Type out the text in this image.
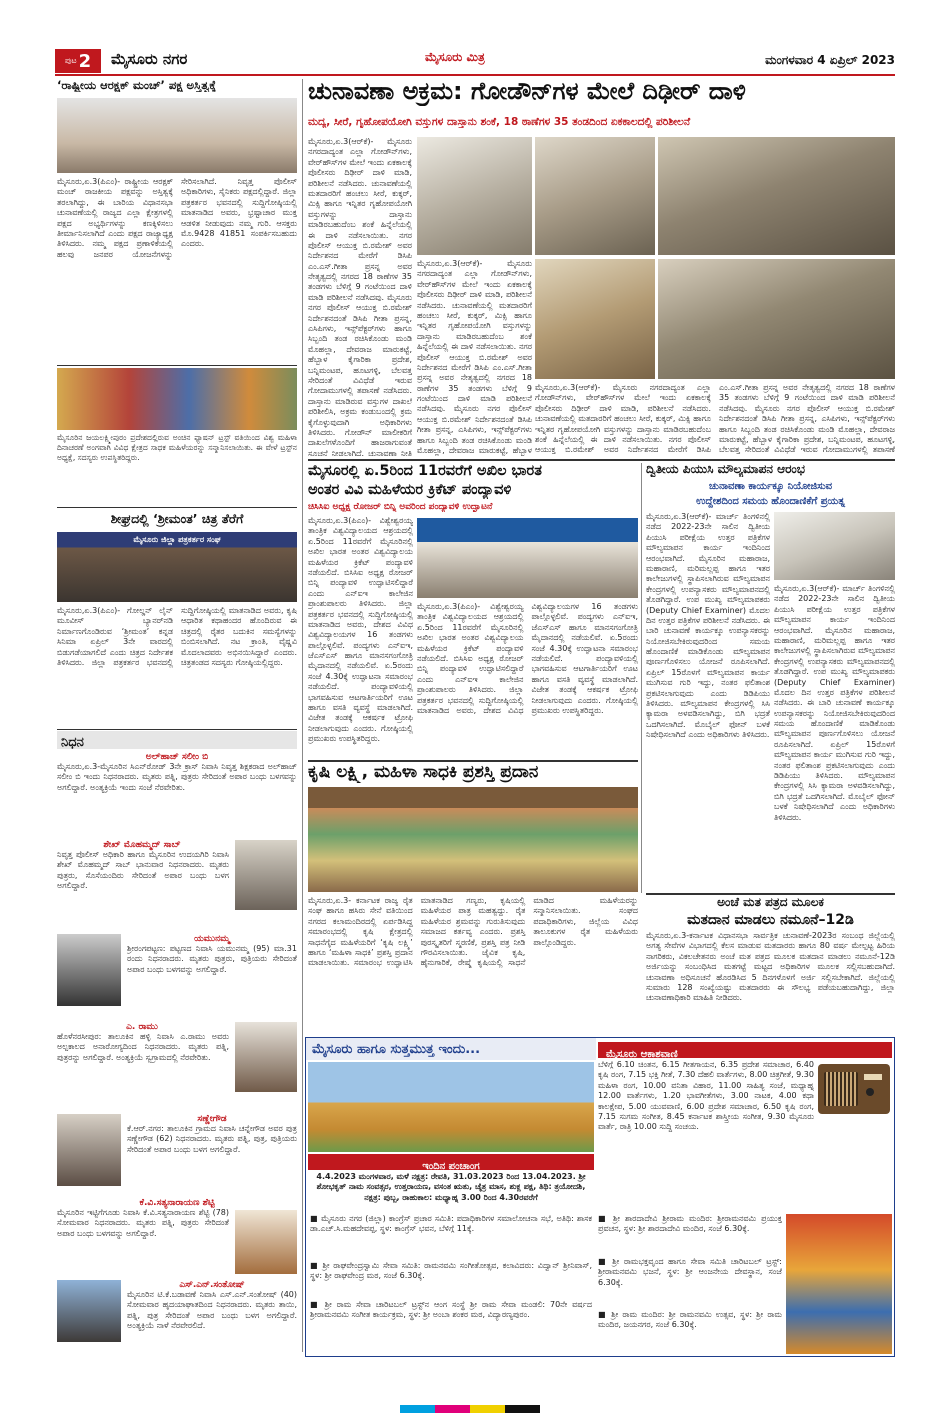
ಪುಟ 2 ಮೈಸೂರು ನಗರ	ಮೈಸೂರು ಮಿತ್ರ	ಮಂಗಳವಾರ 4 ಏಪ್ರಿಲ್ 2023
‘ರಾಷ್ಟ್ರೀಯ ಆರಕ್ಷಕ್ ಮಂಚ್’ ಪಕ್ಷ ಅಸ್ತಿತ್ವಕ್ಕೆ
ಮೈಸೂರು,ಏ.3(ಪಿಎಂ)- ರಾಷ್ಟ್ರೀಯ ಆರಕ್ಷಕ್ ಮಂಚ್ ರಾಜಕೀಯ ಪಕ್ಷವನ್ನು ಅಸ್ತಿತ್ವಕ್ಕೆ ತರಲಾಗಿದ್ದು, ಈ ಬಾರಿಯ ವಿಧಾನಸಭಾ ಚುನಾವಣೆಯಲ್ಲಿ ರಾಜ್ಯದ ಎಲ್ಲಾ ಕ್ಷೇತ್ರಗಳಲ್ಲಿ ಪಕ್ಷದ ಅಭ್ಯರ್ಥಿಗಳನ್ನು ಕಣಕ್ಕಿಳಿಸಲು ತೀರ್ಮಾನಿಸಲಾಗಿದೆ ಎಂದು ಪಕ್ಷದ ರಾಜ್ಯಾಧ್ಯಕ್ಷ ತಿಳಿಸಿದರು. ನಮ್ಮ ಪಕ್ಷದ ಪ್ರಣಾಳಿಕೆಯಲ್ಲಿ ಹಲವು ಜನಪರ ಯೋಜನೆಗಳನ್ನು ಸೇರಿಸಲಾಗಿದೆ. ನಿವೃತ್ತ ಪೊಲೀಸ್ ಅಧಿಕಾರಿಗಳು, ಸೈನಿಕರು ಪಕ್ಷದಲ್ಲಿದ್ದಾರೆ. ಜಿಲ್ಲಾ ಪತ್ರಕರ್ತರ ಭವನದಲ್ಲಿ ಸುದ್ದಿಗೋಷ್ಠಿಯಲ್ಲಿ ಮಾತನಾಡಿದ ಅವರು, ಭ್ರಷ್ಟಾಚಾರ ಮುಕ್ತ ಆಡಳಿತ ನೀಡುವುದು ನಮ್ಮ ಗುರಿ. ಆಸಕ್ತರು ಮೊ.9428 41851 ಸಂಪರ್ಕಿಸಬಹುದು ಎಂದರು.
ಮೈಸೂರಿನ ಜಯಲಕ್ಷ್ಮೀಪುರಂ ಪ್ರದೇಶದಲ್ಲಿರುವ ಅಂಚಿನ ಫ್ಯಾಷನ್ ಟ್ರಸ್ಟ್ ವತಿಯಿಂದ ವಿಶ್ವ ಮಹಿಳಾ ದಿನಾಚರಣೆ ಅಂಗವಾಗಿ ವಿವಿಧ ಕ್ಷೇತ್ರದ ಸಾಧಕ ಮಹಿಳೆಯರನ್ನು ಸನ್ಮಾನಿಸಲಾಯಿತು. ಈ ವೇಳೆ ಟ್ರಸ್ಟ್‌ನ ಅಧ್ಯಕ್ಷೆ, ಸದಸ್ಯರು ಉಪಸ್ಥಿತರಿದ್ದರು.
ಶೀಘ್ರದಲ್ಲಿ ‘ಶ್ರೀಮಂತ’ ಚಿತ್ರ ತೆರೆಗೆ
ಮೈಸೂರು ಜಿಲ್ಲಾ ಪತ್ರಕರ್ತರ ಸಂಘ
ಮೈಸೂರು,ಏ.3(ಪಿಎಂ)- ಗೋಲ್ಡನ್ ಲೈನ್ ಮೂವೀಸ್ ಬ್ಯಾನರ್‌ನಡಿ ನಿರ್ಮಾಣಗೊಂಡಿರುವ ‘ಶ್ರೀಮಂತ’ ಕನ್ನಡ ಸಿನಿಮಾ ಏಪ್ರಿಲ್ 3ನೇ ವಾರದಲ್ಲಿ ಬಿಡುಗಡೆಯಾಗಲಿದೆ ಎಂದು ಚಿತ್ರದ ನಿರ್ದೇಶಕ ತಿಳಿಸಿದರು. ಜಿಲ್ಲಾ ಪತ್ರಕರ್ತರ ಭವನದಲ್ಲಿ ಸುದ್ದಿಗೋಷ್ಠಿಯಲ್ಲಿ ಮಾತನಾಡಿದ ಅವರು, ಕೃಷಿ ಆಧಾರಿತ ಕಥಾಹಂದರ ಹೊಂದಿರುವ ಈ ಚಿತ್ರದಲ್ಲಿ ರೈತರ ಬದುಕಿನ ಸಮಸ್ಯೆಗಳನ್ನು ಬಿಂಬಿಸಲಾಗಿದೆ. ನಟ ಕ್ರಾಂತಿ, ವೈಷ್ಣವಿ ಮೊದಲಾದವರು ಅಭಿನಯಿಸಿದ್ದಾರೆ ಎಂದರು. ಚಿತ್ರತಂಡದ ಸದಸ್ಯರು ಗೋಷ್ಠಿಯಲ್ಲಿದ್ದರು.
ನಿಧನ
ಅಲ್‌ಹಾಜ್ ಸಲೀಂ ಬಿ
ಮೈಸೂರು,ಏ.3-ಮೈಸೂರಿನ ಸಿಎನ್‌ರೋಡ್ 3ನೇ ಕ್ರಾಸ್ ನಿವಾಸಿ ನಿವೃತ್ತ ಶಿಕ್ಷಕರಾದ ಅಲ್‌ಹಾಜ್ ಸಲೀಂ ಬಿ ಇಂದು ನಿಧನರಾದರು. ಮೃತರು ಪತ್ನಿ, ಪುತ್ರರು ಸೇರಿದಂತೆ ಅಪಾರ ಬಂಧು ಬಳಗವನ್ನು ಅಗಲಿದ್ದಾರೆ. ಅಂತ್ಯಕ್ರಿಯೆ ಇಂದು ಸಂಜೆ ನೆರವೇರಿತು.
ಶೇಖ್ ಮೊಹಮ್ಮದ್ ಸಾಬ್
ನಿವೃತ್ತ ಪೊಲೀಸ್ ಅಧಿಕಾರಿ ಹಾಗೂ ಮೈಸೂರಿನ ಉದಯಗಿರಿ ನಿವಾಸಿ ಶೇಖ್ ಮೊಹಮ್ಮದ್ ಸಾಬ್ ಭಾನುವಾರ ನಿಧನರಾದರು. ಮೃತರು ಪುತ್ರರು, ಸೊಸೆಯಂದಿರು ಸೇರಿದಂತೆ ಅಪಾರ ಬಂಧು ಬಳಗ ಅಗಲಿದ್ದಾರೆ.
ಯಮುನಮ್ಮ
ಶ್ರೀರಂಗಪಟ್ಟಣ: ಪಟ್ಟಣದ ನಿವಾಸಿ ಯಮುನಮ್ಮ (95) ಮಾ.31 ರಂದು ನಿಧನರಾದರು. ಮೃತರು ಪುತ್ರರು, ಪುತ್ರಿಯರು ಸೇರಿದಂತೆ ಅಪಾರ ಬಂಧು ಬಳಗವನ್ನು ಅಗಲಿದ್ದಾರೆ.
ಎ. ರಾಮು
ಹೊಳೆನರಸೀಪುರ: ತಾಲೂಕಿನ ಹಳ್ಳಿ ನಿವಾಸಿ ಎ.ರಾಮು ಅವರು ಅಲ್ಪಕಾಲದ ಅನಾರೋಗ್ಯದಿಂದ ನಿಧನರಾದರು. ಮೃತರು ಪತ್ನಿ, ಪುತ್ರರನ್ನು ಅಗಲಿದ್ದಾರೆ. ಅಂತ್ಯಕ್ರಿಯೆ ಸ್ವಗ್ರಾಮದಲ್ಲಿ ನೆರವೇರಿತು.
ಸಣ್ಣೇಗೌಡ
ಕೆ.ಆರ್.ನಗರ: ತಾಲೂಕಿನ ಗ್ರಾಮದ ನಿವಾಸಿ ಚನ್ನೇಗೌಡ ಅವರ ಪುತ್ರ ಸಣ್ಣೇಗೌಡ (62) ನಿಧನರಾದರು. ಮೃತರು ಪತ್ನಿ, ಪುತ್ರ, ಪುತ್ರಿಯರು ಸೇರಿದಂತೆ ಅಪಾರ ಬಂಧು ಬಳಗ ಅಗಲಿದ್ದಾರೆ.
ಕೆ.ವಿ.ಸತ್ಯನಾರಾಯಣ ಶೆಟ್ಟಿ
ಮೈಸೂರಿನ ಇಟ್ಟಿಗೆಗೂಡು ನಿವಾಸಿ ಕೆ.ವಿ.ಸತ್ಯನಾರಾಯಣ ಶೆಟ್ಟಿ (78) ಸೋಮವಾರ ನಿಧನರಾದರು. ಮೃತರು ಪತ್ನಿ, ಪುತ್ರರು ಸೇರಿದಂತೆ ಅಪಾರ ಬಂಧು ಬಳಗವನ್ನು ಅಗಲಿದ್ದಾರೆ.
ಎಸ್.ಎನ್.ಸಂತೋಷ್
ಮೈಸೂರಿನ ಟಿ.ಕೆ.ಬಡಾವಣೆ ನಿವಾಸಿ ಎಸ್.ಎನ್.ಸಂತೋಷ್ (40) ಸೋಮವಾರ ಹೃದಯಾಘಾತದಿಂದ ನಿಧನರಾದರು. ಮೃತರು ತಾಯಿ, ಪತ್ನಿ, ಪುತ್ರ ಸೇರಿದಂತೆ ಅಪಾರ ಬಂಧು ಬಳಗ ಅಗಲಿದ್ದಾರೆ. ಅಂತ್ಯಕ್ರಿಯೆ ನಾಳೆ ನೆರವೇರಲಿದೆ.
ಚುನಾವಣಾ ಅಕ್ರಮ: ಗೋಡೌನ್‌ಗಳ ಮೇಲೆ ದಿಢೀರ್ ದಾಳಿ
ಮದ್ಯ, ಸೀರೆ, ಗೃಹೋಪಯೋಗಿ ವಸ್ತುಗಳ ದಾಸ್ತಾನು ಶಂಕೆ, 18 ಠಾಣೆಗಳ 35 ತಂಡದಿಂದ ಏಕಕಾಲದಲ್ಲಿ ಪರಿಶೀಲನೆ
ಮೈಸೂರು,ಏ.3(ಆರ್‌ಕೆ)- ಮೈಸೂರು ನಗರದಾದ್ಯಂತ ಎಲ್ಲಾ ಗೋಡೌನ್‌ಗಳು, ವೇರ್‌ಹೌಸ್‌ಗಳ ಮೇಲೆ ಇಂದು ಏಕಕಾಲಕ್ಕೆ ಪೊಲೀಸರು ದಿಢೀರ್ ದಾಳಿ ಮಾಡಿ, ಪರಿಶೀಲನೆ ನಡೆಸಿದರು. ಚುನಾವಣೆಯಲ್ಲಿ ಮತದಾರರಿಗೆ ಹಂಚಲು ಸೀರೆ, ಕುಕ್ಕರ್, ಮಿಕ್ಸಿ ಹಾಗೂ ಇನ್ನಿತರ ಗೃಹೋಪಯೋಗಿ ವಸ್ತುಗಳನ್ನು ದಾಸ್ತಾನು ಮಾಡಿರಬಹುದೆಂಬ ಶಂಕೆ ಹಿನ್ನೆಲೆಯಲ್ಲಿ ಈ ದಾಳಿ ನಡೆಸಲಾಯಿತು. ನಗರ ಪೊಲೀಸ್ ಆಯುಕ್ತ ಬಿ.ರಮೇಶ್ ಅವರ ನಿರ್ದೇಶನದ ಮೇರೆಗೆ ಡಿಸಿಪಿ ಎಂ.ಎಸ್.ಗೀತಾ ಪ್ರಸನ್ನ ಅವರ ನೇತೃತ್ವದಲ್ಲಿ ನಗರದ 18 ಠಾಣೆಗಳ 35 ತಂಡಗಳು ಬೆಳಿಗ್ಗೆ 9 ಗಂಟೆಯಿಂದ ದಾಳಿ ಮಾಡಿ ಪರಿಶೀಲನೆ ನಡೆಸಿದವು. ಮೈಸೂರು ನಗರ ಪೊಲೀಸ್ ಆಯುಕ್ತ ಬಿ.ರಮೇಶ್ ನಿರ್ದೇಶನದಂತೆ ಡಿಸಿಪಿ ಗೀತಾ ಪ್ರಸನ್ನ, ಎಸಿಪಿಗಳು, ಇನ್ಸ್‌ಪೆಕ್ಟರ್‌ಗಳು ಹಾಗೂ ಸಿಬ್ಬಂದಿ ತಂಡ ರಚಿಸಿಕೊಂಡು ಮಂಡಿ ಮೊಹಲ್ಲಾ, ದೇವರಾಜ ಮಾರುಕಟ್ಟೆ, ಹೆಬ್ಬಾಳ ಕೈಗಾರಿಕಾ ಪ್ರದೇಶ, ಬನ್ನಿಮಂಟಪ, ಹೂಟಗಳ್ಳಿ, ಬೆಲವತ್ತ ಸೇರಿದಂತೆ ವಿವಿಧೆಡೆ ಇರುವ ಗೋದಾಮುಗಳಲ್ಲಿ ತಪಾಸಣೆ ನಡೆಸಿದರು. ದಾಸ್ತಾನು ಮಾಡಿರುವ ವಸ್ತುಗಳ ದಾಖಲೆ ಪರಿಶೀಲಿಸಿ, ಅಕ್ರಮ ಕಂಡುಬಂದಲ್ಲಿ ಕ್ರಮ ಕೈಗೊಳ್ಳುವುದಾಗಿ ಅಧಿಕಾರಿಗಳು ತಿಳಿಸಿದರು. ಗೋಡೌನ್ ಮಾಲೀಕರಿಗೆ ದಾಖಲೆಗಳೊಂದಿಗೆ ಹಾಜರಾಗುವಂತೆ ಸೂಚನೆ ನೀಡಲಾಗಿದೆ. ಚುನಾವಣಾ ನೀತಿ
ಮೈಸೂರು,ಏ.3(ಆರ್‌ಕೆ)- ಮೈಸೂರು ನಗರದಾದ್ಯಂತ ಎಲ್ಲಾ ಗೋಡೌನ್‌ಗಳು, ವೇರ್‌ಹೌಸ್‌ಗಳ ಮೇಲೆ ಇಂದು ಏಕಕಾಲಕ್ಕೆ ಪೊಲೀಸರು ದಿಢೀರ್ ದಾಳಿ ಮಾಡಿ, ಪರಿಶೀಲನೆ ನಡೆಸಿದರು. ಚುನಾವಣೆಯಲ್ಲಿ ಮತದಾರರಿಗೆ ಹಂಚಲು ಸೀರೆ, ಕುಕ್ಕರ್, ಮಿಕ್ಸಿ ಹಾಗೂ ಇನ್ನಿತರ ಗೃಹೋಪಯೋಗಿ ವಸ್ತುಗಳನ್ನು ದಾಸ್ತಾನು ಮಾಡಿರಬಹುದೆಂಬ ಶಂಕೆ ಹಿನ್ನೆಲೆಯಲ್ಲಿ ಈ ದಾಳಿ ನಡೆಸಲಾಯಿತು. ನಗರ ಪೊಲೀಸ್ ಆಯುಕ್ತ ಬಿ.ರಮೇಶ್ ಅವರ ನಿರ್ದೇಶನದ ಮೇರೆಗೆ ಡಿಸಿಪಿ ಎಂ.ಎಸ್.ಗೀತಾ ಪ್ರಸನ್ನ ಅವರ ನೇತೃತ್ವದಲ್ಲಿ ನಗರದ 18 ಠಾಣೆಗಳ 35 ತಂಡಗಳು ಬೆಳಿಗ್ಗೆ 9 ಗಂಟೆಯಿಂದ ದಾಳಿ ಮಾಡಿ ಪರಿಶೀಲನೆ ನಡೆಸಿದವು. ಮೈಸೂರು ನಗರ ಪೊಲೀಸ್ ಆಯುಕ್ತ ಬಿ.ರಮೇಶ್ ನಿರ್ದೇಶನದಂತೆ ಡಿಸಿಪಿ ಗೀತಾ ಪ್ರಸನ್ನ, ಎಸಿಪಿಗಳು, ಇನ್ಸ್‌ಪೆಕ್ಟರ್‌ಗಳು ಹಾಗೂ ಸಿಬ್ಬಂದಿ ತಂಡ ರಚಿಸಿಕೊಂಡು ಮಂಡಿ ಮೊಹಲ್ಲಾ, ದೇವರಾಜ ಮಾರುಕಟ್ಟೆ, ಹೆಬ್ಬಾಳ
ಮೈಸೂರು,ಏ.3(ಆರ್‌ಕೆ)- ಮೈಸೂರು ನಗರದಾದ್ಯಂತ ಎಲ್ಲಾ ಗೋಡೌನ್‌ಗಳು, ವೇರ್‌ಹೌಸ್‌ಗಳ ಮೇಲೆ ಇಂದು ಏಕಕಾಲಕ್ಕೆ ಪೊಲೀಸರು ದಿಢೀರ್ ದಾಳಿ ಮಾಡಿ, ಪರಿಶೀಲನೆ ನಡೆಸಿದರು. ಚುನಾವಣೆಯಲ್ಲಿ ಮತದಾರರಿಗೆ ಹಂಚಲು ಸೀರೆ, ಕುಕ್ಕರ್, ಮಿಕ್ಸಿ ಹಾಗೂ ಇನ್ನಿತರ ಗೃಹೋಪಯೋಗಿ ವಸ್ತುಗಳನ್ನು ದಾಸ್ತಾನು ಮಾಡಿರಬಹುದೆಂಬ ಶಂಕೆ ಹಿನ್ನೆಲೆಯಲ್ಲಿ ಈ ದಾಳಿ ನಡೆಸಲಾಯಿತು. ನಗರ ಪೊಲೀಸ್ ಆಯುಕ್ತ ಬಿ.ರಮೇಶ್ ಅವರ ನಿರ್ದೇಶನದ ಮೇರೆಗೆ ಡಿಸಿಪಿ ಎಂ.ಎಸ್.ಗೀತಾ ಪ್ರಸನ್ನ ಅವರ ನೇತೃತ್ವದಲ್ಲಿ ನಗರದ 18 ಠಾಣೆಗಳ 35 ತಂಡಗಳು ಬೆಳಿಗ್ಗೆ 9 ಗಂಟೆಯಿಂದ ದಾಳಿ ಮಾಡಿ ಪರಿಶೀಲನೆ ನಡೆಸಿದವು. ಮೈಸೂರು ನಗರ ಪೊಲೀಸ್ ಆಯುಕ್ತ ಬಿ.ರಮೇಶ್ ನಿರ್ದೇಶನದಂತೆ ಡಿಸಿಪಿ ಗೀತಾ ಪ್ರಸನ್ನ, ಎಸಿಪಿಗಳು, ಇನ್ಸ್‌ಪೆಕ್ಟರ್‌ಗಳು ಹಾಗೂ ಸಿಬ್ಬಂದಿ ತಂಡ ರಚಿಸಿಕೊಂಡು ಮಂಡಿ ಮೊಹಲ್ಲಾ, ದೇವರಾಜ ಮಾರುಕಟ್ಟೆ, ಹೆಬ್ಬಾಳ ಕೈಗಾರಿಕಾ ಪ್ರದೇಶ, ಬನ್ನಿಮಂಟಪ, ಹೂಟಗಳ್ಳಿ, ಬೆಲವತ್ತ ಸೇರಿದಂತೆ ವಿವಿಧೆಡೆ ಇರುವ ಗೋದಾಮುಗಳಲ್ಲಿ ತಪಾಸಣೆ
ಮೈಸೂರಲ್ಲಿ ಏ.5ರಿಂದ 11ರವರೆಗೆ ಅಖಿಲ ಭಾರತ
ಅಂತರ ವಿವಿ ಮಹಿಳೆಯರ ಕ್ರಿಕೆಟ್ ಪಂದ್ಯಾವಳಿ
ಚಿಸಿಸಿಐ ಅಧ್ಯಕ್ಷ ರೋಜರ್ ಬಿನ್ನಿ ಅವರಿಂದ ಪಂದ್ಯಾವಳಿ ಉದ್ಘಾಟನೆ
ಮೈಸೂರು,ಏ.3(ಪಿಎಂ)- ವಿಶ್ವೇಶ್ವರಯ್ಯ ತಾಂತ್ರಿಕ ವಿಶ್ವವಿದ್ಯಾಲಯದ ಆಶ್ರಯದಲ್ಲಿ ಏ.5ರಿಂದ 11ರವರೆಗೆ ಮೈಸೂರಿನಲ್ಲಿ ಅಖಿಲ ಭಾರತ ಅಂತರ ವಿಶ್ವವಿದ್ಯಾಲಯ ಮಹಿಳೆಯರ ಕ್ರಿಕೆಟ್ ಪಂದ್ಯಾವಳಿ ನಡೆಯಲಿದೆ. ಬಿಸಿಸಿಐ ಅಧ್ಯಕ್ಷ ರೋಜರ್ ಬಿನ್ನಿ ಪಂದ್ಯಾವಳಿ ಉದ್ಘಾಟಿಸಲಿದ್ದಾರೆ ಎಂದು ಎನ್‌ಐಇ ಕಾಲೇಜಿನ ಪ್ರಾಂಶುಪಾಲರು ತಿಳಿಸಿದರು. ಜಿಲ್ಲಾ ಪತ್ರಕರ್ತರ ಭವನದಲ್ಲಿ ಸುದ್ದಿಗೋಷ್ಠಿಯಲ್ಲಿ ಮಾತನಾಡಿದ ಅವರು, ದೇಶದ ವಿವಿಧ ವಿಶ್ವವಿದ್ಯಾಲಯಗಳ 16 ತಂಡಗಳು ಪಾಲ್ಗೊಳ್ಳಲಿವೆ. ಪಂದ್ಯಗಳು ಎನ್‌ಐಇ, ಜೆಎಸ್‌ಎಸ್ ಹಾಗೂ ಮಾನಸಗಂಗೋತ್ರಿ ಮೈದಾನದಲ್ಲಿ ನಡೆಯಲಿವೆ. ಏ.5ರಂದು ಸಂಜೆ 4.30ಕ್ಕೆ ಉದ್ಘಾಟನಾ ಸಮಾರಂಭ ನಡೆಯಲಿದೆ. ಪಂದ್ಯಾವಳಿಯಲ್ಲಿ ಭಾಗವಹಿಸುವ ಆಟಗಾರ್ತಿಯರಿಗೆ ಊಟ ಹಾಗೂ ವಸತಿ ವ್ಯವಸ್ಥೆ ಮಾಡಲಾಗಿದೆ. ವಿಜೇತ ತಂಡಕ್ಕೆ ಆಕರ್ಷಕ ಟ್ರೋಫಿ ನೀಡಲಾಗುವುದು ಎಂದರು. ಗೋಷ್ಠಿಯಲ್ಲಿ ಪ್ರಮುಖರು ಉಪಸ್ಥಿತರಿದ್ದರು.
ಮೈಸೂರು,ಏ.3(ಪಿಎಂ)- ವಿಶ್ವೇಶ್ವರಯ್ಯ ತಾಂತ್ರಿಕ ವಿಶ್ವವಿದ್ಯಾಲಯದ ಆಶ್ರಯದಲ್ಲಿ ಏ.5ರಿಂದ 11ರವರೆಗೆ ಮೈಸೂರಿನಲ್ಲಿ ಅಖಿಲ ಭಾರತ ಅಂತರ ವಿಶ್ವವಿದ್ಯಾಲಯ ಮಹಿಳೆಯರ ಕ್ರಿಕೆಟ್ ಪಂದ್ಯಾವಳಿ ನಡೆಯಲಿದೆ. ಬಿಸಿಸಿಐ ಅಧ್ಯಕ್ಷ ರೋಜರ್ ಬಿನ್ನಿ ಪಂದ್ಯಾವಳಿ ಉದ್ಘಾಟಿಸಲಿದ್ದಾರೆ ಎಂದು ಎನ್‌ಐಇ ಕಾಲೇಜಿನ ಪ್ರಾಂಶುಪಾಲರು ತಿಳಿಸಿದರು. ಜಿಲ್ಲಾ ಪತ್ರಕರ್ತರ ಭವನದಲ್ಲಿ ಸುದ್ದಿಗೋಷ್ಠಿಯಲ್ಲಿ ಮಾತನಾಡಿದ ಅವರು, ದೇಶದ ವಿವಿಧ ವಿಶ್ವವಿದ್ಯಾಲಯಗಳ 16 ತಂಡಗಳು ಪಾಲ್ಗೊಳ್ಳಲಿವೆ. ಪಂದ್ಯಗಳು ಎನ್‌ಐಇ, ಜೆಎಸ್‌ಎಸ್ ಹಾಗೂ ಮಾನಸಗಂಗೋತ್ರಿ ಮೈದಾನದಲ್ಲಿ ನಡೆಯಲಿವೆ. ಏ.5ರಂದು ಸಂಜೆ 4.30ಕ್ಕೆ ಉದ್ಘಾಟನಾ ಸಮಾರಂಭ ನಡೆಯಲಿದೆ. ಪಂದ್ಯಾವಳಿಯಲ್ಲಿ ಭಾಗವಹಿಸುವ ಆಟಗಾರ್ತಿಯರಿಗೆ ಊಟ ಹಾಗೂ ವಸತಿ ವ್ಯವಸ್ಥೆ ಮಾಡಲಾಗಿದೆ. ವಿಜೇತ ತಂಡಕ್ಕೆ ಆಕರ್ಷಕ ಟ್ರೋಫಿ ನೀಡಲಾಗುವುದು ಎಂದರು. ಗೋಷ್ಠಿಯಲ್ಲಿ ಪ್ರಮುಖರು ಉಪಸ್ಥಿತರಿದ್ದರು.
ದ್ವಿತೀಯ ಪಿಯುಸಿ ಮೌಲ್ಯಮಾಪನ ಆರಂಭ
ಚುನಾವಣಾ ಕಾರ್ಯಕ್ಕೂ ನಿಯೋಜಿಸುವ
ಉದ್ದೇಶದಿಂದ ಸಮಯ ಹೊಂದಾಣಿಕೆಗೆ ಪ್ರಯತ್ನ
ಮೈಸೂರು,ಏ.3(ಆರ್‌ಕೆ)- ಮಾರ್ಚ್ ತಿಂಗಳಿನಲ್ಲಿ ನಡೆದ 2022-23ನೇ ಸಾಲಿನ ದ್ವಿತೀಯ ಪಿಯುಸಿ ಪರೀಕ್ಷೆಯ ಉತ್ತರ ಪತ್ರಿಕೆಗಳ ಮೌಲ್ಯಮಾಪನ ಕಾರ್ಯ ಇಂದಿನಿಂದ ಆರಂಭವಾಗಿದೆ. ಮೈಸೂರಿನ ಮಹಾರಾಜ, ಮಹಾರಾಣಿ, ಮರಿಮಲ್ಲಪ್ಪ ಹಾಗೂ ಇತರ ಕಾಲೇಜುಗಳಲ್ಲಿ ಸ್ಥಾಪಿಸಲಾಗಿರುವ ಮೌಲ್ಯಮಾಪನ ಕೇಂದ್ರಗಳಲ್ಲಿ ಉಪನ್ಯಾಸಕರು ಮೌಲ್ಯಮಾಪನದಲ್ಲಿ ತೊಡಗಿದ್ದಾರೆ. ಉಪ ಮುಖ್ಯ ಮೌಲ್ಯಮಾಪಕರು (Deputy Chief Examiner) ಮೊದಲ ದಿನ ಉತ್ತರ ಪತ್ರಿಕೆಗಳ ಪರಿಶೀಲನೆ ನಡೆಸಿದರು. ಈ ಬಾರಿ ಚುನಾವಣೆ ಕಾರ್ಯಕ್ಕೂ ಉಪನ್ಯಾಸಕರನ್ನು ನಿಯೋಜಿಸಬೇಕಿರುವುದರಿಂದ ಸಮಯ ಹೊಂದಾಣಿಕೆ ಮಾಡಿಕೊಂಡು ಮೌಲ್ಯಮಾಪನ ಪೂರ್ಣಗೊಳಿಸಲು ಯೋಜನೆ ರೂಪಿಸಲಾಗಿದೆ. ಏಪ್ರಿಲ್ 15ರೊಳಗೆ ಮೌಲ್ಯಮಾಪನ ಕಾರ್ಯ ಮುಗಿಸುವ ಗುರಿ ಇದ್ದು, ನಂತರ ಫಲಿತಾಂಶ ಪ್ರಕಟಿಸಲಾಗುವುದು ಎಂದು ಡಿಡಿಪಿಯು ತಿಳಿಸಿದರು. ಮೌಲ್ಯಮಾಪನ ಕೇಂದ್ರಗಳಲ್ಲಿ ಸಿಸಿ ಕ್ಯಾಮರಾ ಅಳವಡಿಸಲಾಗಿದ್ದು, ಬಿಗಿ ಭದ್ರತೆ ಒದಗಿಸಲಾಗಿದೆ. ಮೊಬೈಲ್ ಫೋನ್ ಬಳಕೆ ನಿಷೇಧಿಸಲಾಗಿದೆ ಎಂದು ಅಧಿಕಾರಿಗಳು ತಿಳಿಸಿದರು.
ಮೈಸೂರು,ಏ.3(ಆರ್‌ಕೆ)- ಮಾರ್ಚ್ ತಿಂಗಳಿನಲ್ಲಿ ನಡೆದ 2022-23ನೇ ಸಾಲಿನ ದ್ವಿತೀಯ ಪಿಯುಸಿ ಪರೀಕ್ಷೆಯ ಉತ್ತರ ಪತ್ರಿಕೆಗಳ ಮೌಲ್ಯಮಾಪನ ಕಾರ್ಯ ಇಂದಿನಿಂದ ಆರಂಭವಾಗಿದೆ. ಮೈಸೂರಿನ ಮಹಾರಾಜ, ಮಹಾರಾಣಿ, ಮರಿಮಲ್ಲಪ್ಪ ಹಾಗೂ ಇತರ ಕಾಲೇಜುಗಳಲ್ಲಿ ಸ್ಥಾಪಿಸಲಾಗಿರುವ ಮೌಲ್ಯಮಾಪನ ಕೇಂದ್ರಗಳಲ್ಲಿ ಉಪನ್ಯಾಸಕರು ಮೌಲ್ಯಮಾಪನದಲ್ಲಿ ತೊಡಗಿದ್ದಾರೆ. ಉಪ ಮುಖ್ಯ ಮೌಲ್ಯಮಾಪಕರು (Deputy Chief Examiner) ಮೊದಲ ದಿನ ಉತ್ತರ ಪತ್ರಿಕೆಗಳ ಪರಿಶೀಲನೆ ನಡೆಸಿದರು. ಈ ಬಾರಿ ಚುನಾವಣೆ ಕಾರ್ಯಕ್ಕೂ ಉಪನ್ಯಾಸಕರನ್ನು ನಿಯೋಜಿಸಬೇಕಿರುವುದರಿಂದ ಸಮಯ ಹೊಂದಾಣಿಕೆ ಮಾಡಿಕೊಂಡು ಮೌಲ್ಯಮಾಪನ ಪೂರ್ಣಗೊಳಿಸಲು ಯೋಜನೆ ರೂಪಿಸಲಾಗಿದೆ. ಏಪ್ರಿಲ್ 15ರೊಳಗೆ ಮೌಲ್ಯಮಾಪನ ಕಾರ್ಯ ಮುಗಿಸುವ ಗುರಿ ಇದ್ದು, ನಂತರ ಫಲಿತಾಂಶ ಪ್ರಕಟಿಸಲಾಗುವುದು ಎಂದು ಡಿಡಿಪಿಯು ತಿಳಿಸಿದರು. ಮೌಲ್ಯಮಾಪನ ಕೇಂದ್ರಗಳಲ್ಲಿ ಸಿಸಿ ಕ್ಯಾಮರಾ ಅಳವಡಿಸಲಾಗಿದ್ದು, ಬಿಗಿ ಭದ್ರತೆ ಒದಗಿಸಲಾಗಿದೆ. ಮೊಬೈಲ್ ಫೋನ್ ಬಳಕೆ ನಿಷೇಧಿಸಲಾಗಿದೆ ಎಂದು ಅಧಿಕಾರಿಗಳು ತಿಳಿಸಿದರು.
ಕೃಷಿ ಲಕ್ಷ್ಮಿ, ಮಹಿಳಾ ಸಾಧಕಿ ಪ್ರಶಸ್ತಿ ಪ್ರದಾನ
ಮೈಸೂರು,ಏ.3- ಕರ್ನಾಟಕ ರಾಜ್ಯ ರೈತ ಸಂಘ ಹಾಗೂ ಹಸಿರು ಸೇನೆ ವತಿಯಿಂದ ನಗರದ ಕಲಾಮಂದಿರದಲ್ಲಿ ಏರ್ಪಡಿಸಿದ್ದ ಸಮಾರಂಭದಲ್ಲಿ ಕೃಷಿ ಕ್ಷೇತ್ರದಲ್ಲಿ ಸಾಧನೆಗೈದ ಮಹಿಳೆಯರಿಗೆ ‘ಕೃಷಿ ಲಕ್ಷ್ಮಿ’ ಹಾಗೂ ‘ಮಹಿಳಾ ಸಾಧಕಿ’ ಪ್ರಶಸ್ತಿ ಪ್ರದಾನ ಮಾಡಲಾಯಿತು. ಸಮಾರಂಭ ಉದ್ಘಾಟಿಸಿ ಮಾತನಾಡಿದ ಗಣ್ಯರು, ಕೃಷಿಯಲ್ಲಿ ಮಹಿಳೆಯರ ಪಾತ್ರ ಮಹತ್ವದ್ದು. ರೈತ ಮಹಿಳೆಯರ ಶ್ರಮವನ್ನು ಗುರುತಿಸುವುದು ಸಮಾಜದ ಕರ್ತವ್ಯ ಎಂದರು. ಪ್ರಶಸ್ತಿ ಪುರಸ್ಕೃತರಿಗೆ ಸ್ಮರಣಿಕೆ, ಪ್ರಶಸ್ತಿ ಪತ್ರ ನೀಡಿ ಗೌರವಿಸಲಾಯಿತು. ಜೈವಿಕ ಕೃಷಿ, ಹೈನುಗಾರಿಕೆ, ರೇಷ್ಮೆ ಕೃಷಿಯಲ್ಲಿ ಸಾಧನೆ ಮಾಡಿದ ಮಹಿಳೆಯರನ್ನು ಸನ್ಮಾನಿಸಲಾಯಿತು. ಸಂಘದ ಪದಾಧಿಕಾರಿಗಳು, ಜಿಲ್ಲೆಯ ವಿವಿಧ ತಾಲೂಕುಗಳ ರೈತ ಮಹಿಳೆಯರು ಪಾಲ್ಗೊಂಡಿದ್ದರು.
ಅಂಚೆ ಮತ ಪತ್ರದ ಮೂಲಕ
ಮತದಾನ ಮಾಡಲು ನಮೂನೆ–12ಡಿ
ಮೈಸೂರು,ಏ.3-ಕರ್ನಾಟಕ ವಿಧಾನಸಭಾ ಸಾರ್ವತ್ರಿಕ ಚುನಾವಣೆ-2023ರ ಸಂಬಂಧ ಜಿಲ್ಲೆಯಲ್ಲಿ ಅಗತ್ಯ ಸೇವೆಗಳ ವಿಭಾಗದಲ್ಲಿ ಕೆಲಸ ಮಾಡುವ ಮತದಾರರು ಹಾಗೂ 80 ವರ್ಷ ಮೇಲ್ಪಟ್ಟ ಹಿರಿಯ ನಾಗರಿಕರು, ವಿಕಲಚೇತನರು ಅಂಚೆ ಮತ ಪತ್ರದ ಮೂಲಕ ಮತದಾನ ಮಾಡಲು ನಮೂನೆ-12ಡಿ ಅರ್ಜಿಯನ್ನು ಸಂಬಂಧಿಸಿದ ಮತಗಟ್ಟೆ ಮಟ್ಟದ ಅಧಿಕಾರಿಗಳ ಮೂಲಕ ಸಲ್ಲಿಸಬಹುದಾಗಿದೆ. ಚುನಾವಣಾ ಅಧಿಸೂಚನೆ ಹೊರಡಿಸಿದ 5 ದಿನಗಳೊಳಗೆ ಅರ್ಜಿ ಸಲ್ಲಿಸಬೇಕಾಗಿದೆ. ಜಿಲ್ಲೆಯಲ್ಲಿ ಸುಮಾರು 128 ಸಂಖ್ಯೆಯಷ್ಟು ಮತದಾರರು ಈ ಸೌಲಭ್ಯ ಪಡೆಯಬಹುದಾಗಿದ್ದು, ಜಿಲ್ಲಾ ಚುನಾವಣಾಧಿಕಾರಿ ಮಾಹಿತಿ ನೀಡಿದರು.
ಮೈಸೂರು ಹಾಗೂ ಸುತ್ತಮುತ್ತ ಇಂದು...
ಇಂದಿನ ಪಂಚಾಂಗ
4.4.2023 ಮಂಗಳವಾರ, ಮಳೆ ನಕ್ಷತ್ರ: ರೇವತಿ, 31.03.2023 ರಿಂದ 13.04.2023. ಶ್ರೀ ಶೋಭಕೃತ್ ನಾಮ ಸಂವತ್ಸರ, ಉತ್ತರಾಯಣ, ವಸಂತ ಋತು, ಚೈತ್ರ ಮಾಸ, ಶುಕ್ಲ ಪಕ್ಷ, ತಿಥಿ: ತ್ರಯೋದಶಿ, ನಕ್ಷತ್ರ: ಪುಬ್ಬ, ರಾಹುಕಾಲ: ಮಧ್ಯಾಹ್ನ 3.00 ರಿಂದ 4.30ರವರೆಗೆ
■ ಮೈಸೂರು ನಗರ (ಜಿಲ್ಲಾ) ಕಾಂಗ್ರೆಸ್ ಪ್ರಚಾರ ಸಮಿತಿ: ಪದಾಧಿಕಾರಿಗಳ ಸಮಾಲೋಚನಾ ಸಭೆ, ಅತಿಥಿ: ಶಾಸಕ ಡಾ.ಎಚ್.ಸಿ.ಮಹದೇವಪ್ಪ, ಸ್ಥಳ: ಕಾಂಗ್ರೆಸ್ ಭವನ, ಬೆಳಿಗ್ಗೆ 11ಕ್ಕೆ.
■ ಶ್ರೀ ರಾಘವೇಂದ್ರಸ್ವಾಮಿ ಸೇವಾ ಸಮಿತಿ: ರಾಮನವಮಿ ಸಂಗೀತೋತ್ಸವ, ಕಲಾವಿದರು: ವಿದ್ವಾನ್ ಶ್ರೀನಿವಾಸ್, ಸ್ಥಳ: ಶ್ರೀ ರಾಘವೇಂದ್ರ ಮಠ, ಸಂಜೆ 6.30ಕ್ಕೆ.
■ ಶ್ರೀ ರಾಮ ಸೇವಾ ಚಾರಿಟಬಲ್ ಟ್ರಸ್ಟ್‌ನ ಆಂಗ ಸಂಸ್ಥೆ ಶ್ರೀ ರಾಮ ಸೇವಾ ಮಂಡಲಿ: 70ನೇ ವರ್ಷದ ಶ್ರೀರಾಮನವಮಿ ಸಂಗೀತ ಕಾರ್ಯಕ್ರಮ, ಸ್ಥಳ: ಶ್ರೀ ಅಂಬಾ ಶಂಕರ ಮಠ, ವಿದ್ಯಾರಣ್ಯಪುರಂ.
ಮೈಸೂರು ಆಕಾಶವಾಣಿ
ಬೆಳಿಗ್ಗೆ 6.10 ಚಿಂತನ, 6.15 ಗೀತಗಾಯನ, 6.35 ಪ್ರದೇಶ ಸಮಾಚಾರ, 6.40 ಕೃಷಿ ರಂಗ, 7.15 ಭಕ್ತಿ ಗೀತೆ, 7.30 ದೆಹಲಿ ವಾರ್ತೆಗಳು, 8.00 ಚಿತ್ರಗೀತೆ, 9.30 ಮಹಿಳಾ ರಂಗ, 10.00 ವನಿತಾ ವಿಹಾರ, 11.00 ಸಾಹಿತ್ಯ ಸಂಜೆ, ಮಧ್ಯಾಹ್ನ 12.00 ವಾರ್ತೆಗಳು, 1.20 ಭಾವಗೀತೆಗಳು, 3.00 ನಾಟಕ, 4.00 ಕಥಾ ಕಾಲಕ್ಷೇಪ, 5.00 ಯುವವಾಣಿ, 6.00 ಪ್ರದೇಶ ಸಮಾಚಾರ, 6.50 ಕೃಷಿ ರಂಗ, 7.15 ಸುಗಮ ಸಂಗೀತ, 8.45 ಕರ್ನಾಟಕ ಶಾಸ್ತ್ರೀಯ ಸಂಗೀತ, 9.30 ಮೈಸೂರು ವಾರ್ತೆ, ರಾತ್ರಿ 10.00 ಸುದ್ದಿ ಸಂಚಯ.
■ ಶ್ರೀ ಶಾರದಾದೇವಿ ಶ್ರೀರಾಮ ಮಂದಿರ: ಶ್ರೀರಾಮನವಮಿ ಪ್ರಯುಕ್ತ ಪ್ರವಚನ, ಸ್ಥಳ: ಶ್ರೀ ಶಾರದಾದೇವಿ ಮಂದಿರ, ಸಂಜೆ 6.30ಕ್ಕೆ.
■ ಶ್ರೀ ರಾಮಭಕ್ತವೃಂದ ಹಾಗೂ ಸೇವಾ ಸಮಿತಿ ಚಾರಿಟಬಲ್ ಟ್ರಸ್ಟ್: ಶ್ರೀರಾಮನವಮಿ ಭಜನೆ, ಸ್ಥಳ: ಶ್ರೀ ಆಂಜನೇಯ ದೇವಸ್ಥಾನ, ಸಂಜೆ 6.30ಕ್ಕೆ.
■ ಶ್ರೀ ರಾಮ ಮಂದಿರ: ಶ್ರೀ ರಾಮನವಮಿ ಉತ್ಸವ, ಸ್ಥಳ: ಶ್ರೀ ರಾಮ ಮಂದಿರ, ಜಯನಗರ, ಸಂಜೆ 6.30ಕ್ಕೆ.
